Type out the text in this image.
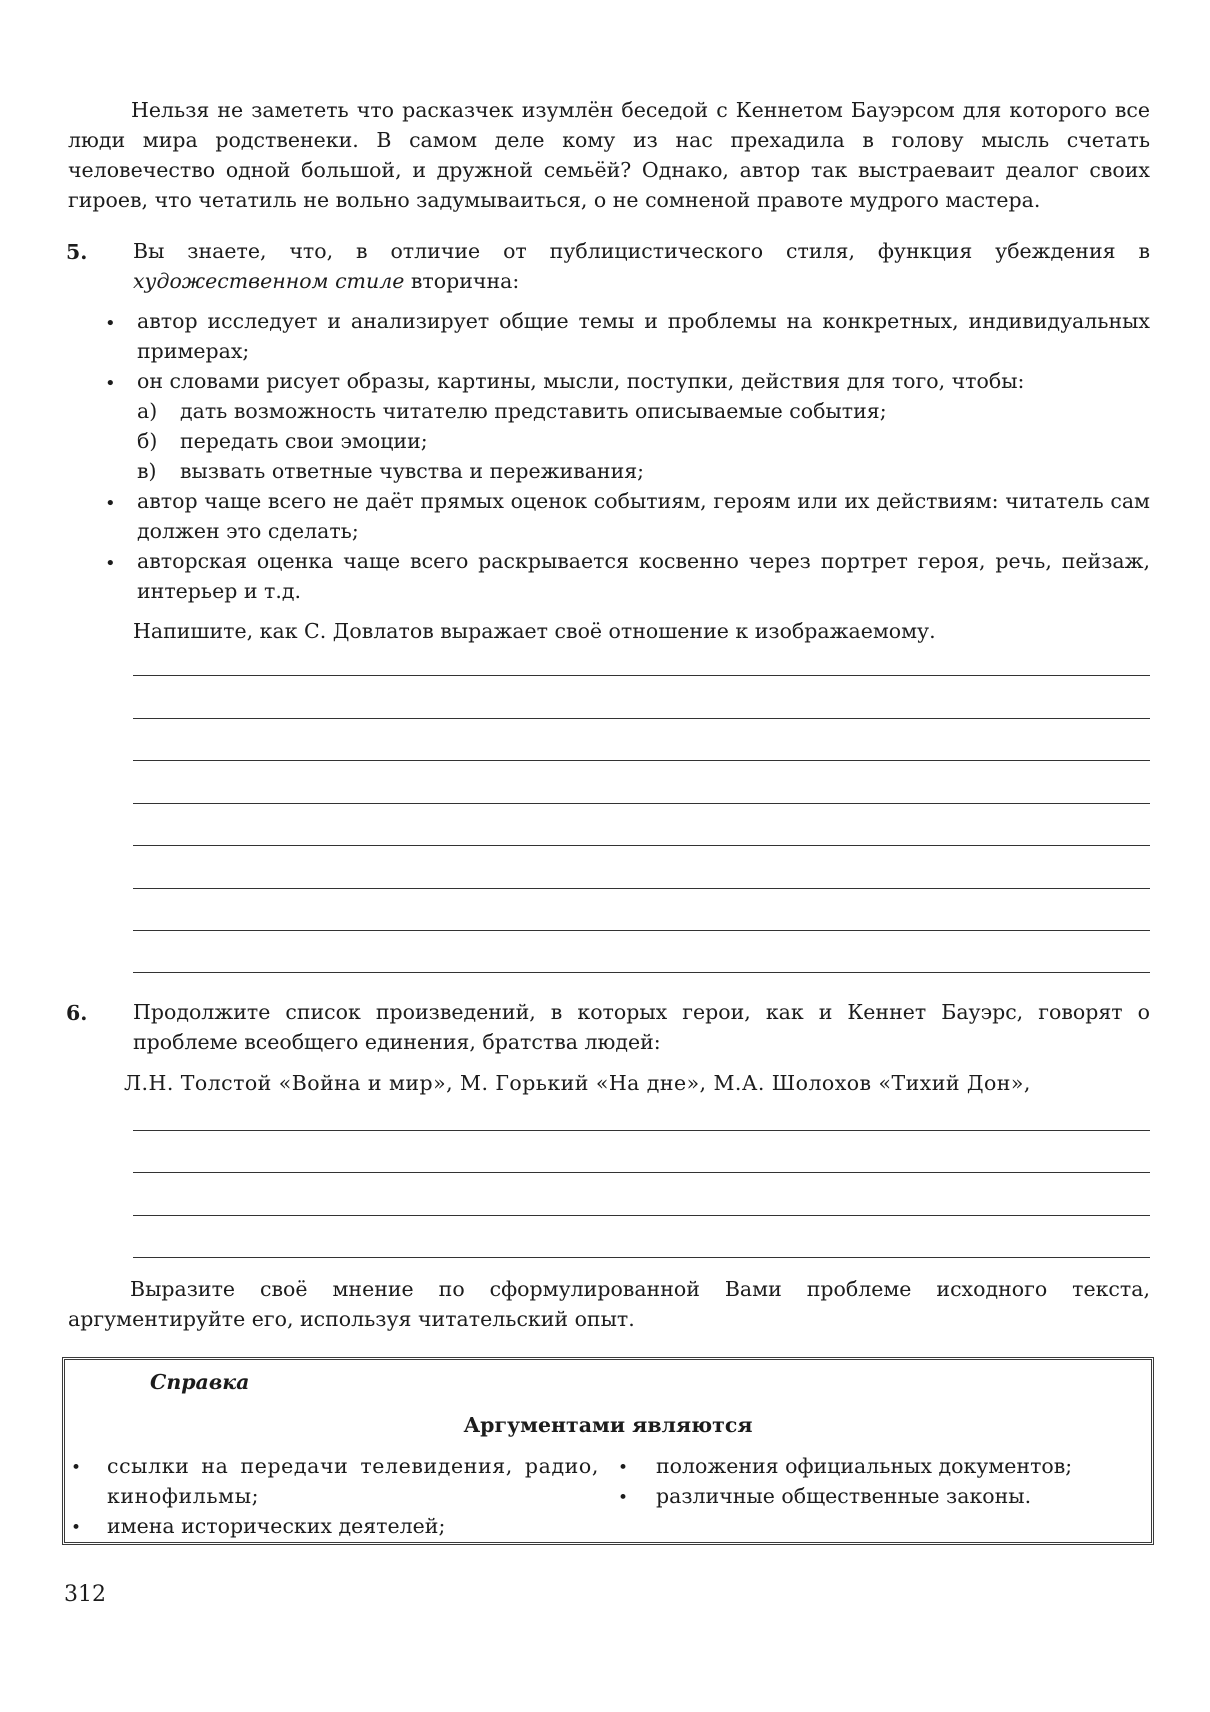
Нельзя не замететь что расказчек изумлён беседой с Кеннетом Бауэрсом для которого все люди мира родственеки. В самом деле кому из нас прехадила в голову мысль счетать человечество одной большой, и дружной семьёй? Однако, автор так выстраеваит деалог своих гироев, что четатиль не вольно задумываиться, о не сомненой правоте мудрого мастера.

5. Вы знаете, что, в отличие от публицистического стиля, функция убеждения в художественном стиле вторична:

• автор исследует и анализирует общие темы и проблемы на конкретных, индивидуальных примерах;

• он словами рисует образы, картины, мысли, поступки, действия для того, чтобы:

а) дать возможность читателю представить описываемые события;
б) передать свои эмоции;
в) вызвать ответные чувства и переживания;
• автор чаще всего не даёт прямых оценок событиям, героям или их действиям: читатель сам должен это сделать;

• авторская оценка чаще всего раскрывается косвенно через портрет героя, речь, пейзаж, интерьер и т.д.

Напишите, как С. Довлатов выражает своё отношение к изображаемому.

6. Продолжите список произведений, в которых герои, как и Кеннет Бауэрс, говорят о проблеме всеобщего единения, братства людей:

Л.Н. Толстой «Война и мир», М. Горький «На дне», М.А. Шолохов «Тихий Дон»,

Выразите своё мнение по сформулированной Вами проблеме исходного текста, аргументируйте его, используя читательский опыт.

Справка
Аргументами являются
• ссылки на передачи телевидения, радио, кинофильмы;
• имена исторических деятелей;
• положения официальных документов;
• различные общественные законы.
312
